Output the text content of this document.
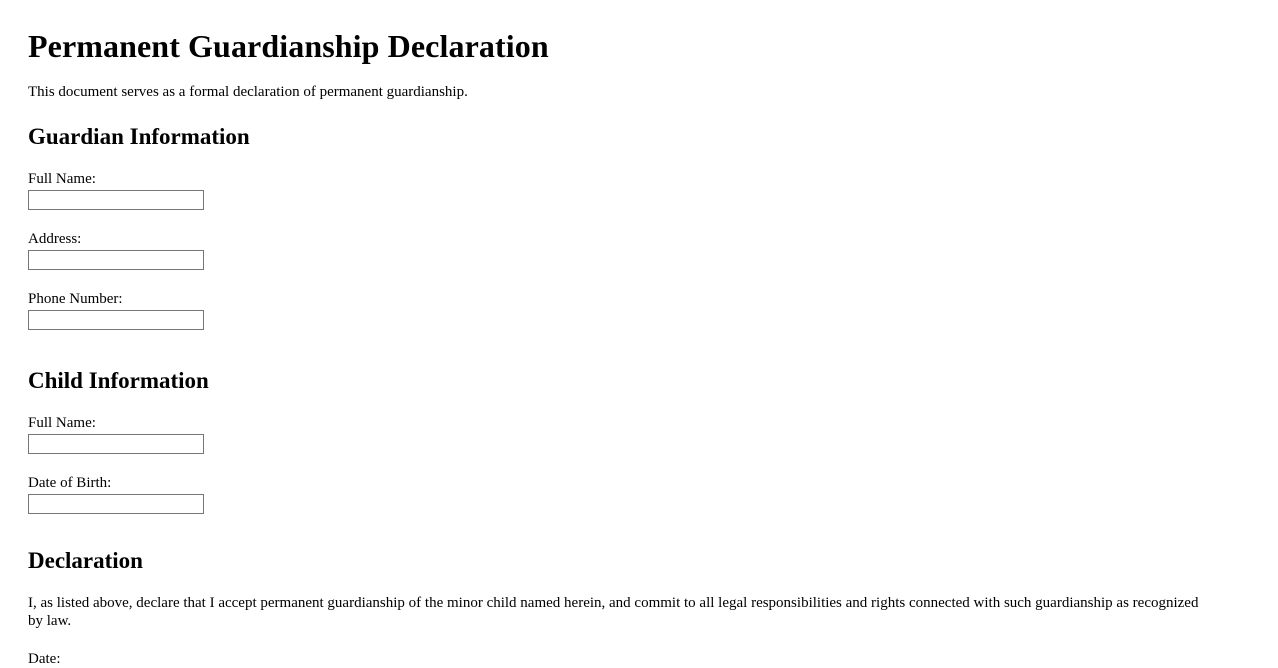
Permanent Guardianship Declaration

This document serves as a formal declaration of permanent guardianship.

Guardian Information
Full Name:
Address:
Phone Number:
Child Information
Full Name:
Date of Birth:
Declaration

I, as listed above, declare that I accept permanent guardianship of the minor child named herein, and commit to all legal responsibilities and rights connected with such guardianship as recognized by law.

Date:
